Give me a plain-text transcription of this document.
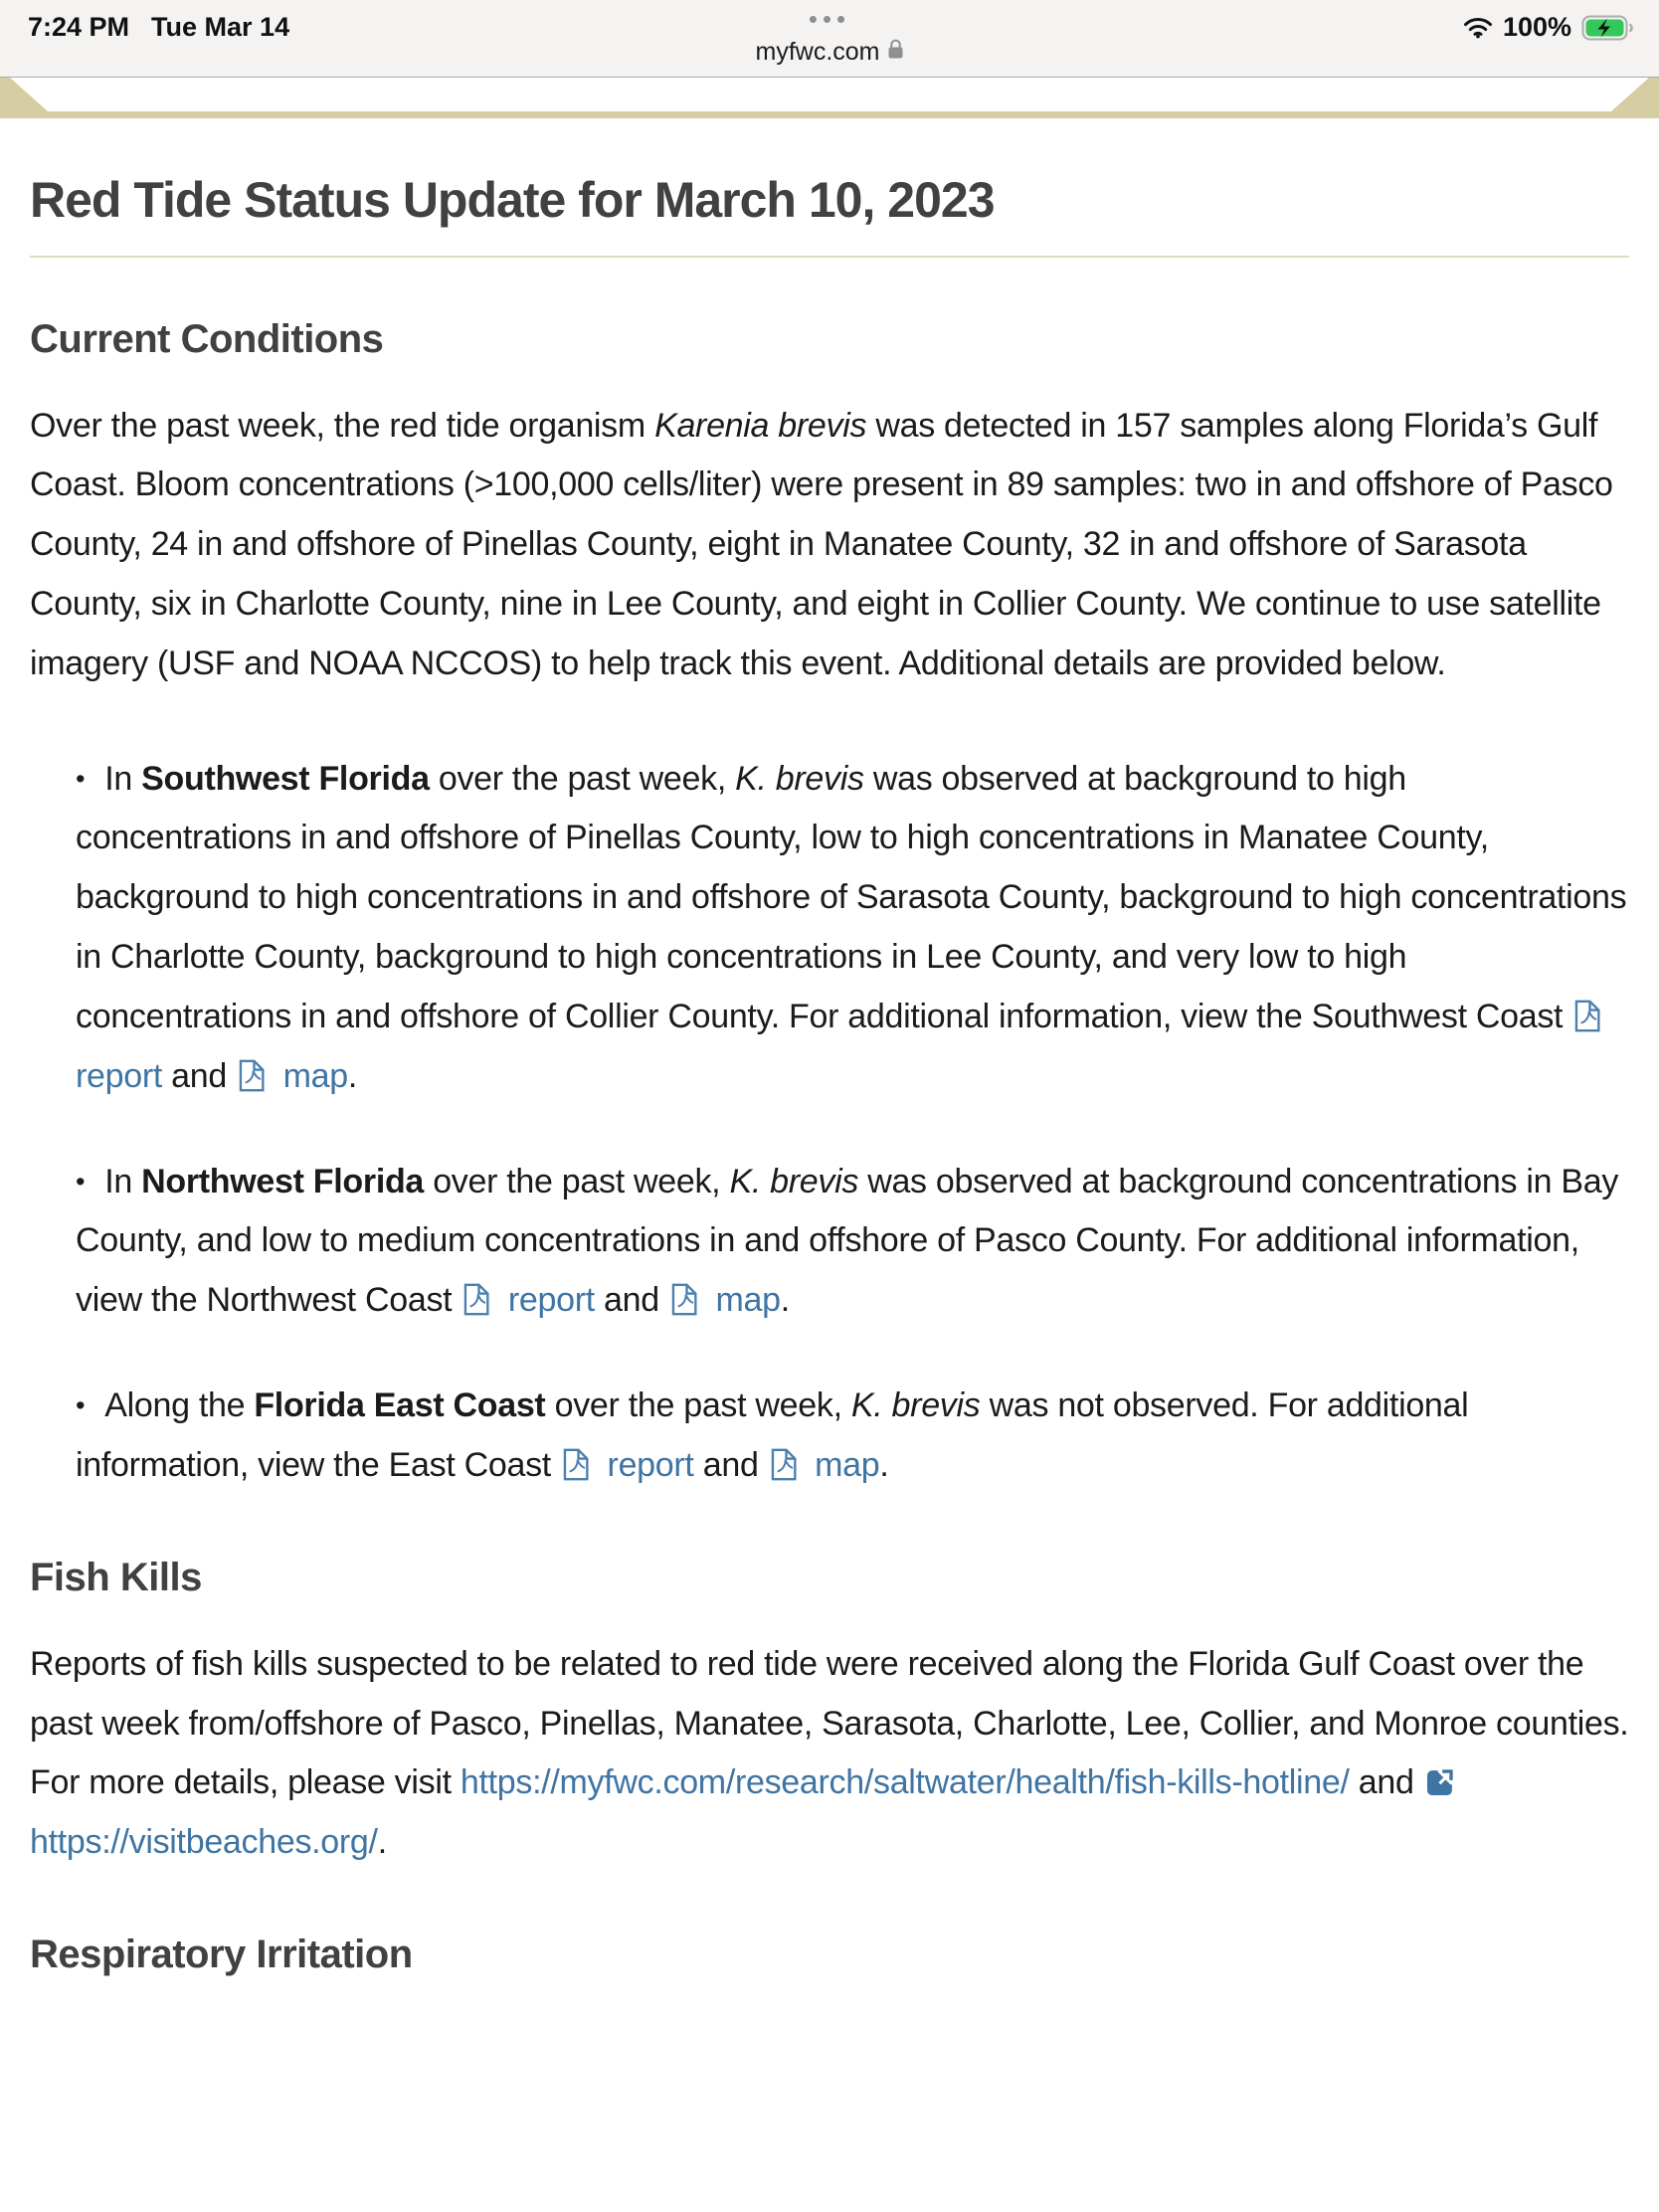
7:24 PM Tue Mar 14	•••
myfwc.com
100%
Red Tide Status Update for March 10, 2023
Current Conditions

Over the past week, the red tide organism Karenia brevis was detected in 157 samples along Florida’s Gulf Coast. Bloom concentrations (>100,000 cells/liter) were present in 89 samples: two in and offshore of Pasco County, 24 in and offshore of Pinellas County, eight in Manatee County, 32 in and offshore of Sarasota County, six in Charlotte County, nine in Lee County, and eight in Collier County. We continue to use satellite imagery (USF and NOAA NCCOS) to help track this event. Additional details are provided below.

• In Southwest Florida over the past week, K. brevis was observed at background to high concentrations in and offshore of Pinellas County, low to high concentrations in Manatee County, background to high concentrations in and offshore of Sarasota County, background to high concentrations in Charlotte County, background to high concentrations in Lee County, and very low to high concentrations in and offshore of Collier County. For additional information, view the Southwest Coast  report and  map.
• In Northwest Florida over the past week, K. brevis was observed at background concentrations in Bay County, and low to medium concentrations in and offshore of Pasco County. For additional information, view the Northwest Coast  report and  map.
• Along the Florida East Coast over the past week, K. brevis was not observed. For additional information, view the East Coast  report and  map.
Fish Kills

Reports of fish kills suspected to be related to red tide were received along the Florida Gulf Coast over the past week from/offshore of Pasco, Pinellas, Manatee, Sarasota, Charlotte, Lee, Collier, and Monroe counties. For more details, please visit https://myfwc.com/research/saltwater/health/fish-kills-hotline/ and  https://visitbeaches.org/.

Respiratory Irritation
